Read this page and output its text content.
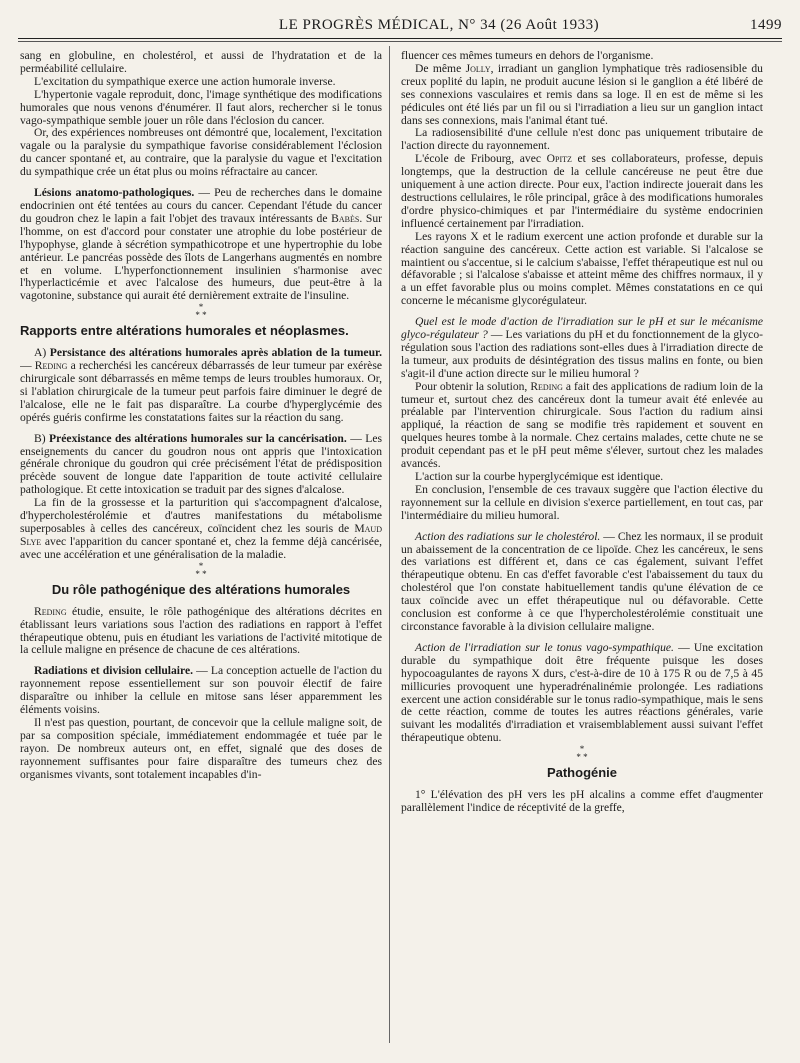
LE PROGRÈS MÉDICAL, N° 34 (26 Août 1933)	1499

sang en globuline, en cholestérol, et aussi de l'hydratation et de la perméabilité cellulaire.

L'excitation du sympathique exerce une action humorale inverse.

L'hypertonie vagale reproduit, donc, l'image synthétique des modifications humorales que nous venons d'énumérer. Il faut alors, rechercher si le tonus vago-sympathique semble jouer un rôle dans l'éclosion du cancer.

Or, des expériences nombreuses ont démontré que, localement, l'excitation vagale ou la paralysie du sympathique favorise considérablement l'éclosion du cancer spontané et, au contraire, que la paralysie du vague et l'excitation du sympathique crée un état plus ou moins réfractaire au cancer.

Lésions anatomo-pathologiques. — Peu de recherches dans le domaine endocrinien ont été tentées au cours du cancer. Cependant l'étude du cancer du goudron chez le lapin a fait l'objet des travaux intéressants de Babès. Sur l'homme, on est d'accord pour constater une atrophie du lobe postérieur de l'hypophyse, glande à sécrétion sympathicotrope et une hypertrophie du lobe antérieur. Le pancréas possède des îlots de Langerhans augmentés en nombre et en volume. L'hyperfonctionnement insulinien s'harmonise avec l'hyperlacticémie et avec l'alcalose des humeurs, due peut-être à la vagotonine, substance qui aurait été dernièrement extraite de l'insuline.

*
* *
Rapports entre altérations humorales et néoplasmes.

A) Persistance des altérations humorales après ablation de la tumeur. — Reding a recherchési les cancéreux débarrassés de leur tumeur par exérèse chirurgicale sont débarrassés en même temps de leurs troubles humoraux. Or, si l'ablation chirurgicale de la tumeur peut parfois faire diminuer le degré de l'alcalose, elle ne le fait pas disparaître. La courbe d'hyperglycémie des opérés guéris confirme les constatations faites sur la réaction du sang.

B) Préexistance des altérations humorales sur la cancérisation. — Les enseignements du cancer du goudron nous ont appris que l'intoxication générale chronique du goudron qui crée précisément l'état de prédisposition précède souvent de longue date l'apparition de toute activité cellulaire pathologique. Et cette intoxication se traduit par des signes d'alcalose.

La fin de la grossesse et la parturition qui s'accompagnent d'alcalose, d'hypercholestérolémie et d'autres manifestations du métabolisme superposables à celles des cancéreux, coïncident chez les souris de Maud Slye avec l'apparition du cancer spontané et, chez la femme déjà cancérisée, avec une accélération et une généralisation de la maladie.

*
* *
Du rôle pathogénique des altérations humorales

Reding étudie, ensuite, le rôle pathogénique des altérations décrites en établissant leurs variations sous l'action des radiations en rapport à l'effet thérapeutique obtenu, puis en étudiant les variations de l'activité mitotique de la cellule maligne en présence de chacune de ces altérations.

Radiations et division cellulaire. — La conception actuelle de l'action du rayonnement repose essentiellement sur son pouvoir électif de faire disparaître ou inhiber la cellule en mitose sans léser apparemment les éléments voisins.

Il n'est pas question, pourtant, de concevoir que la cellule maligne soit, de par sa composition spéciale, immédiatement endommagée et tuée par le rayon. De nombreux auteurs ont, en effet, signalé que des doses de rayonnement suffisantes pour faire disparaître des tumeurs chez des organismes vivants, sont totalement incapables d'in-

fluencer ces mêmes tumeurs en dehors de l'organisme.

De même Jolly, irradiant un ganglion lymphatique très radiosensible du creux poplité du lapin, ne produit aucune lésion si le ganglion a été libéré de ses connexions vasculaires et remis dans sa loge. Il en est de même si les pédicules ont été liés par un fil ou si l'irradiation a lieu sur un ganglion intact dans ses connexions, mais l'animal étant tué.

La radiosensibilité d'une cellule n'est donc pas uniquement tributaire de l'action directe du rayonnement.

L'école de Fribourg, avec Opitz et ses collaborateurs, professe, depuis longtemps, que la destruction de la cellule cancéreuse ne peut être due uniquement à une action directe. Pour eux, l'action indirecte jouerait dans les destructions cellulaires, le rôle principal, grâce à des modifications humorales d'ordre physico-chimiques et par l'intermédiaire du système endocrinien influencé certainement par l'irradiation.

Les rayons X et le radium exercent une action profonde et durable sur la réaction sanguine des cancéreux. Cette action est variable. Si l'alcalose se maintient ou s'accentue, si le calcium s'abaisse, l'effet thérapeutique est nul ou défavorable ; si l'alcalose s'abaisse et atteint même des chiffres normaux, il y a un effet favorable plus ou moins complet. Mêmes constatations en ce qui concerne le mécanisme glycorégulateur.

Quel est le mode d'action de l'irradiation sur le pH et sur le mécanisme glyco-régulateur ? — Les variations du pH et du fonctionnement de la glyco-régulation sous l'action des radiations sont-elles dues à l'irradiation directe de la tumeur, aux produits de désintégration des tissus malins en fonte, ou bien s'agit-il d'une action directe sur le milieu humoral ?

Pour obtenir la solution, Reding a fait des applications de radium loin de la tumeur et, surtout chez des cancéreux dont la tumeur avait été enlevée au préalable par l'intervention chirurgicale. Sous l'action du radium ainsi appliqué, la réaction de sang se modifie très rapidement et souvent en quelques heures tombe à la normale. Chez certains malades, cette chute ne se produit cependant pas et le pH peut même s'élever, surtout chez les malades avancés.

L'action sur la courbe hyperglycémique est identique.

En conclusion, l'ensemble de ces travaux suggère que l'action élective du rayonnement sur la cellule en division s'exerce partiellement, en tout cas, par l'intermédiaire du milieu humoral.

Action des radiations sur le cholestérol. — Chez les normaux, il se produit un abaissement de la concentration de ce lipoïde. Chez les cancéreux, le sens des variations est différent et, dans ce cas également, suivant l'effet thérapeutique obtenu. En cas d'effet favorable c'est l'abaissement du taux du cholestérol que l'on constate habituellement tandis qu'une élévation de ce taux coïncide avec un effet thérapeutique nul ou défavorable. Cette conclusion est conforme à ce que l'hypercholestérolémie constituait une circonstance favorable à la division cellulaire maligne.

Action de l'irradiation sur le tonus vago-sympathique. — Une excitation durable du sympathique doit être fréquente puisque les doses hypocoagulantes de rayons X durs, c'est-à-dire de 10 à 175 R ou de 7,5 à 45 millicuries provoquent une hyperadrénalinémie prolongée. Les radiations exercent une action considérable sur le tonus radio-sympathique, mais le sens de cette réaction, comme de toutes les autres réactions générales, varie suivant les modalités d'irradiation et vraisemblablement aussi suivant l'effet thérapeutique obtenu.

*
* *
Pathogénie

1° L'élévation des pH vers les pH alcalins a comme effet d'augmenter parallèlement l'indice de réceptivité de la greffe,
